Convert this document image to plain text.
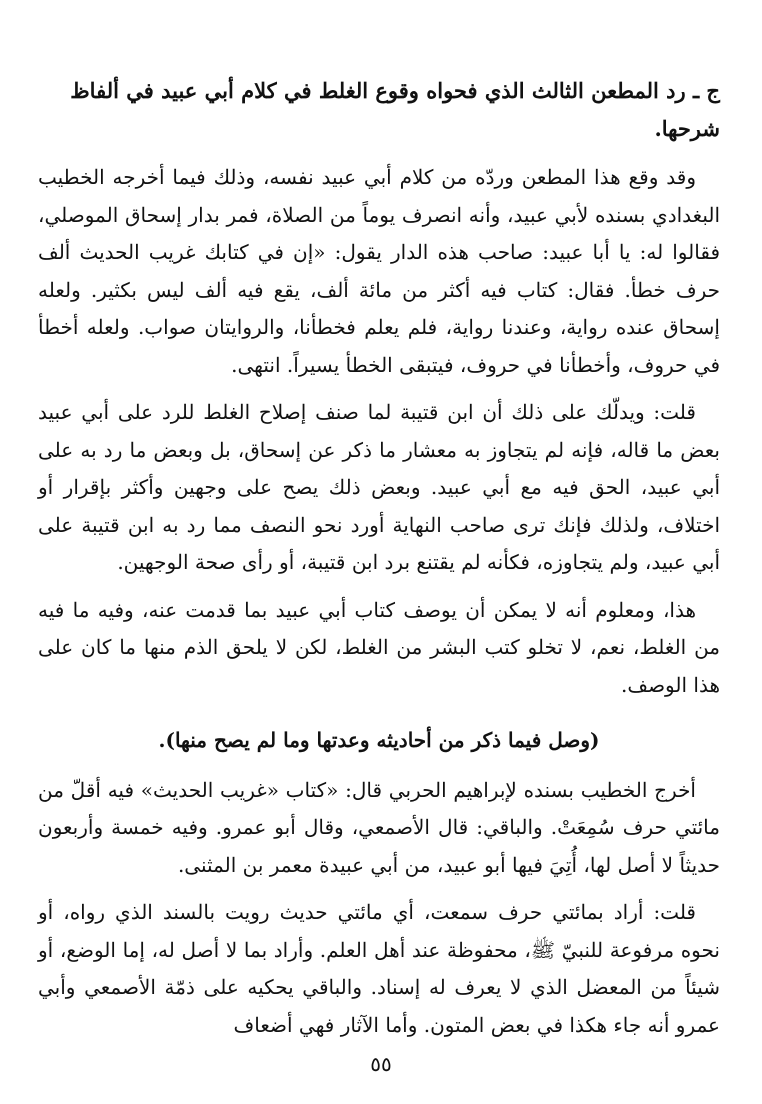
ج ـ رد المطعن الثالث الذي فحواه وقوع الغلط في كلام أبي عبيد في ألفاظ شرحها.

وقد وقع هذا المطعن وردّه من كلام أبي عبيد نفسه، وذلك فيما أخرجه الخطيب البغدادي بسنده لأبي عبيد، وأنه انصرف يوماً من الصلاة، فمر بدار إسحاق الموصلي، فقالوا له: يا أبا عبيد: صاحب هذه الدار يقول: «إن في كتابك غريب الحديث ألف حرف خطأ. فقال: كتاب فيه أكثر من مائة ألف، يقع فيه ألف ليس بكثير. ولعله إسحاق عنده رواية، وعندنا رواية، فلم يعلم فخطأنا، والروايتان صواب. ولعله أخطأ في حروف، وأخطأنا في حروف، فيتبقى الخطأ يسيراً. انتهى.

قلت: ويدلّك على ذلك أن ابن قتيبة لما صنف إصلاح الغلط للرد على أبي عبيد بعض ما قاله، فإنه لم يتجاوز به معشار ما ذكر عن إسحاق، بل وبعض ما رد به على أبي عبيد، الحق فيه مع أبي عبيد. وبعض ذلك يصح على وجهين وأكثر بإقرار أو اختلاف، ولذلك فإنك ترى صاحب النهاية أورد نحو النصف مما رد به ابن قتيبة على أبي عبيد، ولم يتجاوزه، فكأنه لم يقتنع برد ابن قتيبة، أو رأى صحة الوجهين.

هذا، ومعلوم أنه لا يمكن أن يوصف كتاب أبي عبيد بما قدمت عنه، وفيه ما فيه من الغلط، نعم، لا تخلو كتب البشر من الغلط، لكن لا يلحق الذم منها ما كان على هذا الوصف.

(وصل فيما ذكر من أحاديثه وعدتها وما لم يصح منها).

أخرج الخطيب بسنده لإبراهيم الحربي قال: «كتاب «غريب الحديث» فيه أقلّ من مائتي حرف سُمِعَتْ. والباقي: قال الأصمعي، وقال أبو عمرو. وفيه خمسة وأربعون حديثاً لا أصل لها، أُتِيَ فيها أبو عبيد، من أبي عبيدة معمر بن المثنى.

قلت: أراد بمائتي حرف سمعت، أي مائتي حديث رويت بالسند الذي رواه، أو نحوه مرفوعة للنبيّ ﷺ، محفوظة عند أهل العلم. وأراد بما لا أصل له، إما الوضع، أو شيئاً من المعضل الذي لا يعرف له إسناد. والباقي يحكيه على ذمّة الأصمعي وأبي عمرو أنه جاء هكذا في بعض المتون. وأما الآثار فهي أضعاف

٥٥
